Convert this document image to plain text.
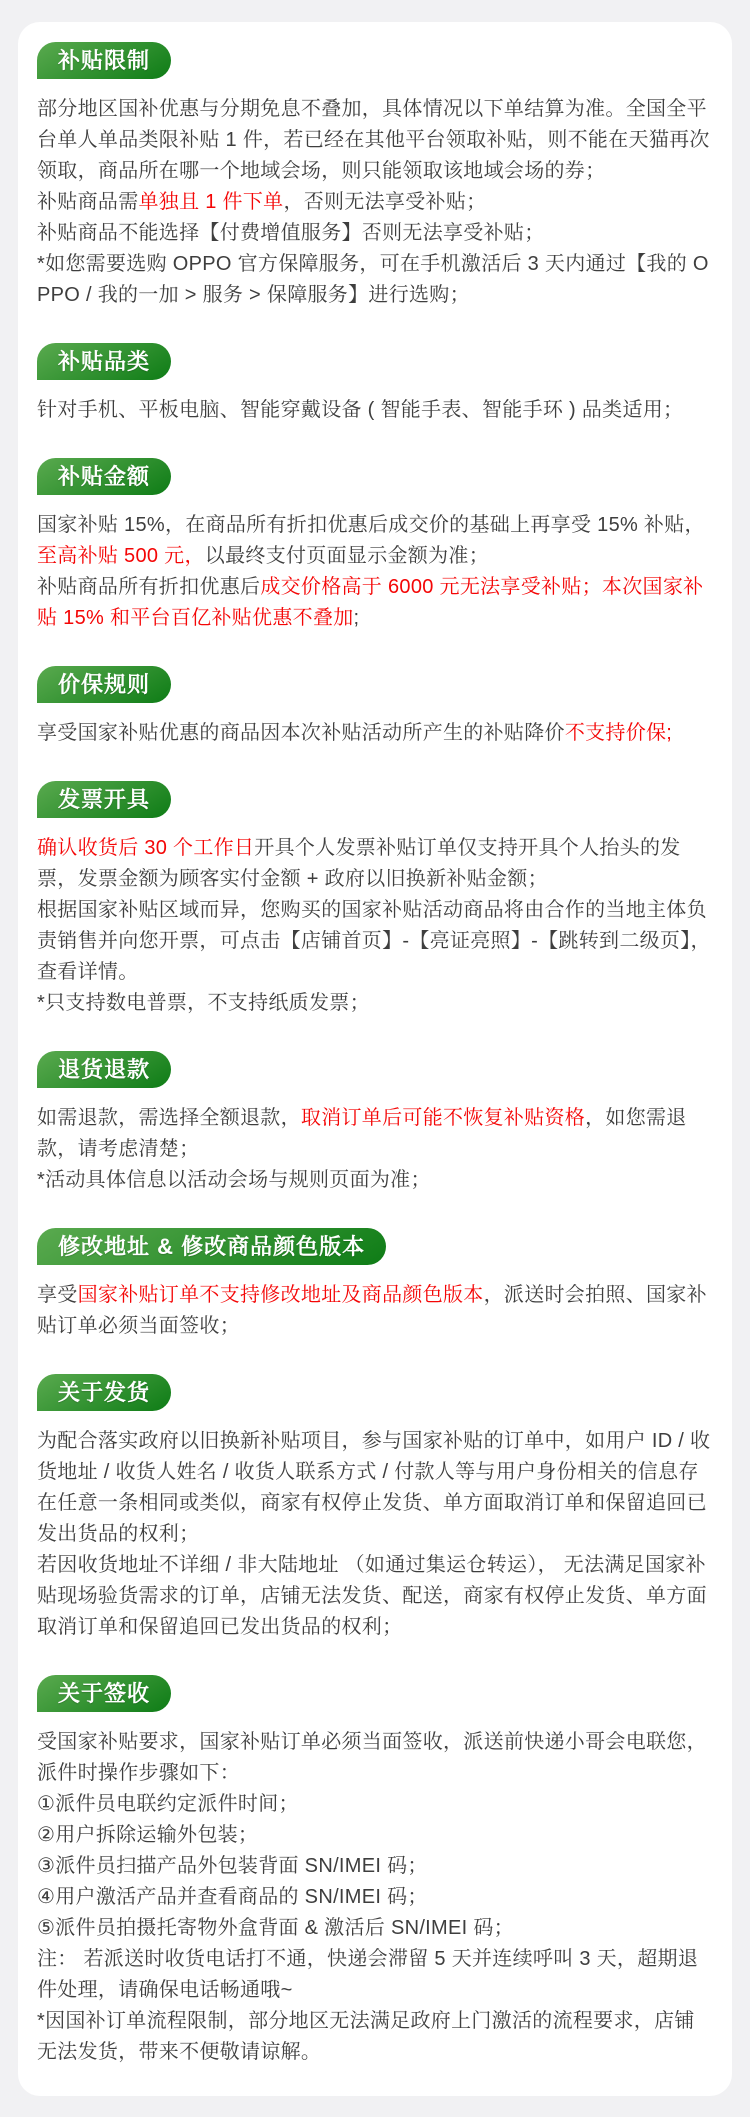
补贴限制

部分地区国补优惠与分期免息不叠加，具体情况以下单结算为准。全国全平台单人单品类限补贴 1 件，若已经在其他平台领取补贴，则不能在天猫再次领取，商品所在哪一个地域会场，则只能领取该地域会场的券；

补贴商品需单独且 1 件下单，否则无法享受补贴；

补贴商品不能选择【付费增值服务】否则无法享受补贴；

*如您需要选购 OPPO 官方保障服务，可在手机激活后 3 天内通过【我的 OPPO / 我的一加 > 服务 > 保障服务】进行选购；

补贴品类

针对手机、平板电脑、智能穿戴设备 ( 智能手表、智能手环 ) 品类适用；

补贴金额

国家补贴 15%，在商品所有折扣优惠后成交价的基础上再享受 15% 补贴，至高补贴 500 元，以最终支付页面显示金额为准；

补贴商品所有折扣优惠后成交价格高于 6000 元无法享受补贴；本次国家补贴 15% 和平台百亿补贴优惠不叠加;

价保规则

享受国家补贴优惠的商品因本次补贴活动所产生的补贴降价不支持价保;

发票开具

确认收货后 30 个工作日开具个人发票补贴订单仅支持开具个人抬头的发票，发票金额为顾客实付金额 + 政府以旧换新补贴金额；

根据国家补贴区域而异，您购买的国家补贴活动商品将由合作的当地主体负责销售并向您开票，可点击【店铺首页】-【亮证亮照】-【跳转到二级页】，查看详情。

*只支持数电普票，不支持纸质发票；

退货退款

如需退款，需选择全额退款，取消订单后可能不恢复补贴资格，如您需退款，请考虑清楚；

*活动具体信息以活动会场与规则页面为准；

修改地址 & 修改商品颜色版本

享受国家补贴订单不支持修改地址及商品颜色版本，派送时会拍照、国家补贴订单必须当面签收；

关于发货

为配合落实政府以旧换新补贴项目，参与国家补贴的订单中，如用户 ID / 收货地址 / 收货人姓名 / 收货人联系方式 / 付款人等与用户身份相关的信息存在任意一条相同或类似，商家有权停止发货、单方面取消订单和保留追回已发出货品的权利；

若因收货地址不详细 / 非大陆地址 （如通过集运仓转运）， 无法满足国家补贴现场验货需求的订单，店铺无法发货、配送，商家有权停止发货、单方面取消订单和保留追回已发出货品的权利；

关于签收

受国家补贴要求，国家补贴订单必须当面签收，派送前快递小哥会电联您，派件时操作步骤如下：

①派件员电联约定派件时间；

②用户拆除运输外包装；

③派件员扫描产品外包装背面 SN/IMEI 码；

④用户激活产品并查看商品的 SN/IMEI 码；

⑤派件员拍摄托寄物外盒背面 & 激活后 SN/IMEI 码；

注： 若派送时收货电话打不通，快递会滞留 5 天并连续呼叫 3 天，超期退件处理，请确保电话畅通哦~

*因国补订单流程限制，部分地区无法满足政府上门激活的流程要求，店铺无法发货，带来不便敬请谅解。
